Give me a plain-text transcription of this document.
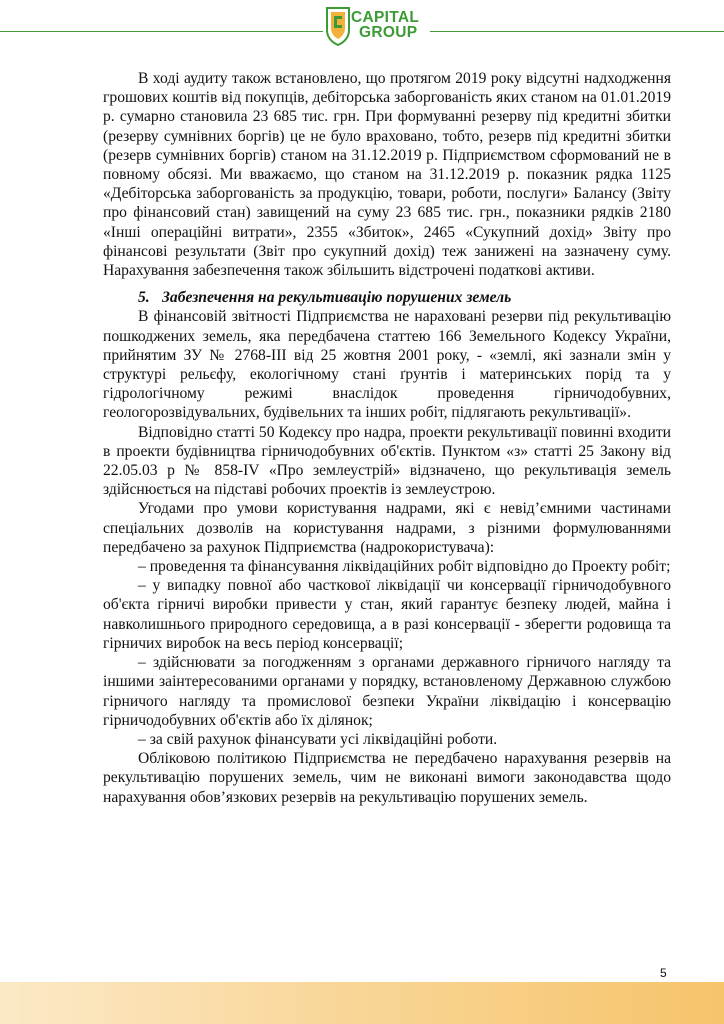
CAPITAL
GROUP

В ході аудиту також встановлено, що протягом 2019 року відсутні надходження грошових коштів від покупців, дебіторська заборгованість яких станом на 01.01.2019 р. сумарно становила 23 685 тис. грн. При формуванні резерву під кредитні збитки (резерву сумнівних боргів) це не було враховано, тобто, резерв під кредитні збитки (резерв сумнівних боргів) станом на 31.12.2019 р. Підприємством сформований не в повному обсязі. Ми вважаємо, що станом на 31.12.2019 р. показник рядка 1125 «Дебіторська заборгованість за продукцію, товари, роботи, послуги» Балансу (Звіту про фінансовий стан) завищений на суму 23 685 тис. грн., показники рядків 2180 «Інші операційні витрати», 2355 «Збиток», 2465 «Сукупний дохід» Звіту про фінансові результати (Звіт про сукупний дохід) теж занижені на зазначену суму. Нарахування забезпечення також збільшить відстрочені податкові активи.

5. Забезпечення на рекультивацію порушених земель

В фінансовій звітності Підприємства не нараховані резерви під рекультивацію пошкоджених земель, яка передбачена статтею 166 Земельного Кодексу України, прийнятим ЗУ № 2768-ІІІ від 25 жовтня 2001 року, - «землі, які зазнали змін у структурі рельєфу, екологічному стані ґрунтів і материнських порід та у гідрологічному режимі внаслідок проведення гірничодобувних, геологорозвідувальних, будівельних та інших робіт, підлягають рекультивації».

Відповідно статті 50 Кодексу про надра, проекти рекультивації повинні входити в проекти будівництва гірничодобувних об'єктів. Пунктом «з» статті 25 Закону від 22.05.03 р № 858-IV «Про землеустрій» відзначено, що рекультивація земель здійснюється на підставі робочих проектів із землеустрою.

Угодами про умови користування надрами, які є невід’ємними частинами спеціальних дозволів на користування надрами, з різними формулюваннями передбачено за рахунок Підприємства (надрокористувача):

– проведення та фінансування ліквідаційних робіт відповідно до Проекту робіт;

– у випадку повної або часткової ліквідації чи консервації гірничодобувного об'єкта гірничі виробки привести у стан, який гарантує безпеку людей, майна і навколишнього природного середовища, а в разі консервації - зберегти родовища та гірничих виробок на весь період консервації;

– здійснювати за погодженням з органами державного гірничого нагляду та іншими заінтересованими органами у порядку, встановленому Державною службою гірничого нагляду та промислової безпеки України ліквідацію і консервацію гірничодобувних об'єктів або їх ділянок;

– за свій рахунок фінансувати усі ліквідаційні роботи.

Обліковою політикою Підприємства не передбачено нарахування резервів на рекультивацію порушених земель, чим не виконані вимоги законодавства щодо нарахування обов’язкових резервів на рекультивацію порушених земель.

5
